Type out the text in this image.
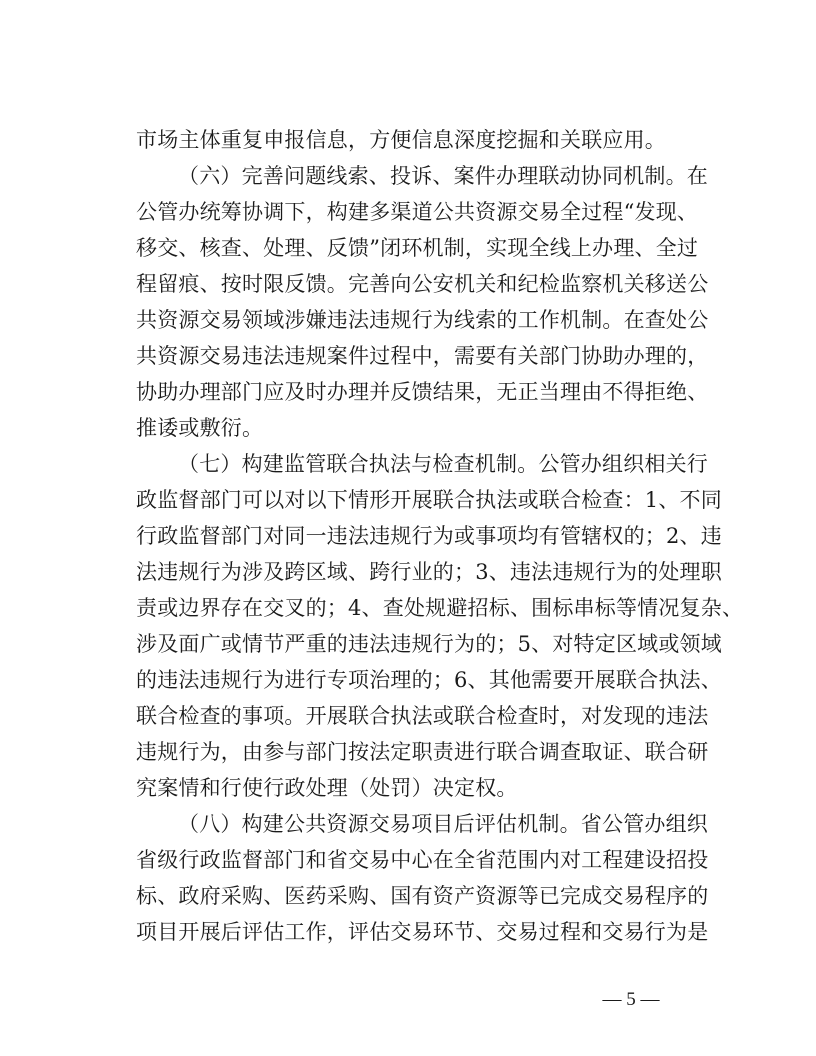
市场主体重复申报信息，方便信息深度挖掘和关联应用。
（六）完善问题线索、投诉、案件办理联动协同机制。在
公管办统筹协调下，构建多渠道公共资源交易全过程“发现、
移交、核查、处理、反馈”闭环机制，实现全线上办理、全过
程留痕、按时限反馈。完善向公安机关和纪检监察机关移送公
共资源交易领域涉嫌违法违规行为线索的工作机制。在查处公
共资源交易违法违规案件过程中，需要有关部门协助办理的，
协助办理部门应及时办理并反馈结果，无正当理由不得拒绝、
推诿或敷衍。
（七）构建监管联合执法与检查机制。公管办组织相关行
政监督部门可以对以下情形开展联合执法或联合检查：1、不同
行政监督部门对同一违法违规行为或事项均有管辖权的；2、违
法违规行为涉及跨区域、跨行业的；3、违法违规行为的处理职
责或边界存在交叉的；4、查处规避招标、围标串标等情况复杂、
涉及面广或情节严重的违法违规行为的；5、对特定区域或领域
的违法违规行为进行专项治理的；6、其他需要开展联合执法、
联合检查的事项。开展联合执法或联合检查时，对发现的违法
违规行为，由参与部门按法定职责进行联合调查取证、联合研
究案情和行使行政处理（处罚）决定权。
（八）构建公共资源交易项目后评估机制。省公管办组织
省级行政监督部门和省交易中心在全省范围内对工程建设招投
标、政府采购、医药采购、国有资产资源等已完成交易程序的
项目开展后评估工作，评估交易环节、交易过程和交易行为是
— 5 —
